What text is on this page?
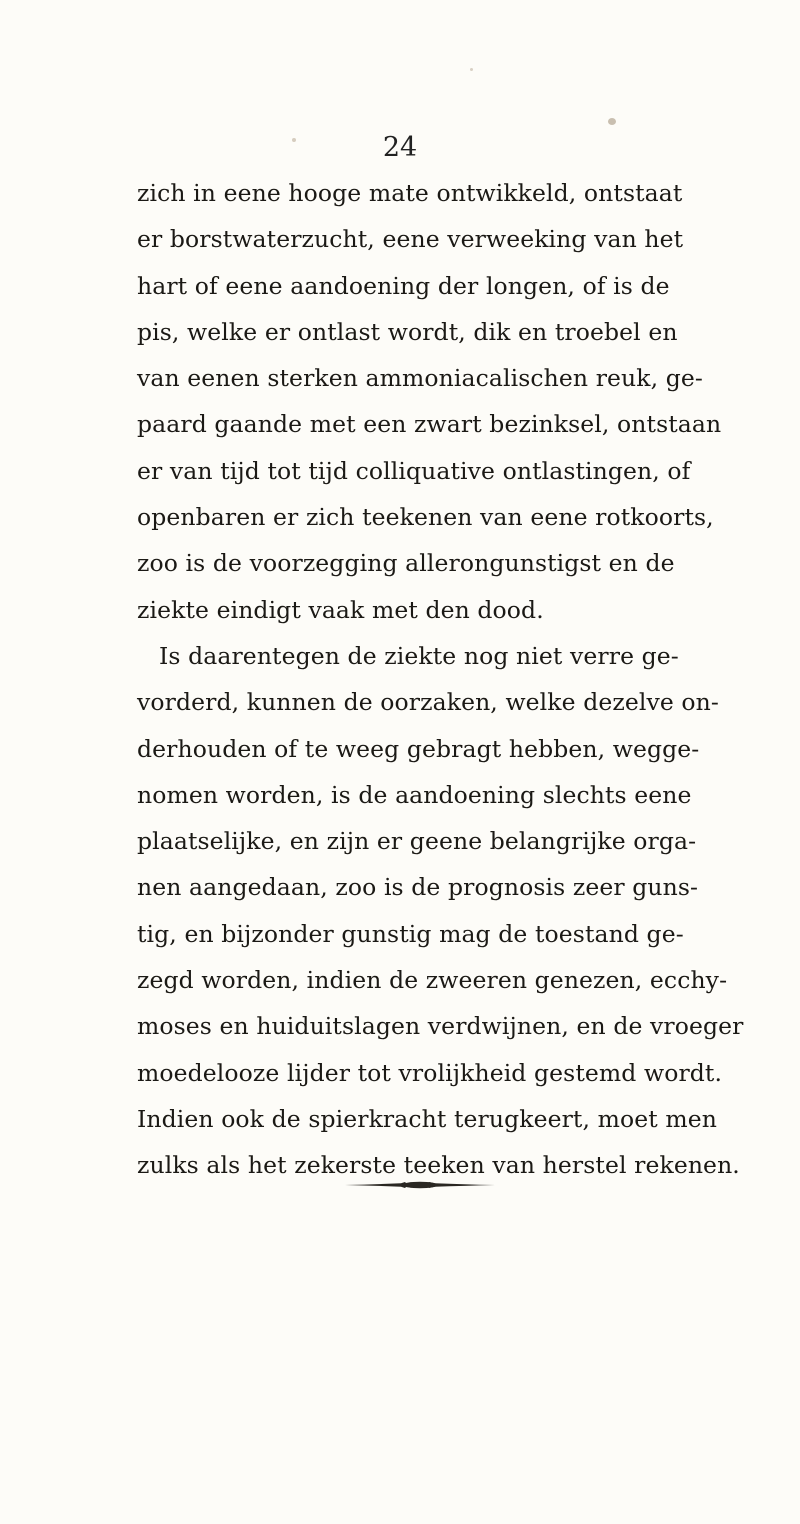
24
zich in eene hooge mate ontwikkeld, ontstaat
er borstwaterzucht, eene verweeking van het
hart of eene aandoening der longen, of is de
pis, welke er ontlast wordt, dik en troebel en
van eenen sterken ammoniacalischen reuk, ge-
paard gaande met een zwart bezinksel, ontstaan
er van tijd tot tijd colliquative ontlastingen, of
openbaren er zich teekenen van eene rotkoorts,
zoo is de voorzegging allerongunstigst en de
ziekte eindigt vaak met den dood.
Is daarentegen de ziekte nog niet verre ge-
vorderd, kunnen de oorzaken, welke dezelve on-
derhouden of te weeg gebragt hebben, wegge-
nomen worden, is de aandoening slechts eene
plaatselijke, en zijn er geene belangrijke orga-
nen aangedaan, zoo is de prognosis zeer guns-
tig, en bijzonder gunstig mag de toestand ge-
zegd worden, indien de zweeren genezen, ecchy-
moses en huiduitslagen verdwijnen, en de vroeger
moedelooze lijder tot vrolijkheid gestemd wordt.
Indien ook de spierkracht terugkeert, moet men
zulks als het zekerste teeken van herstel rekenen.
